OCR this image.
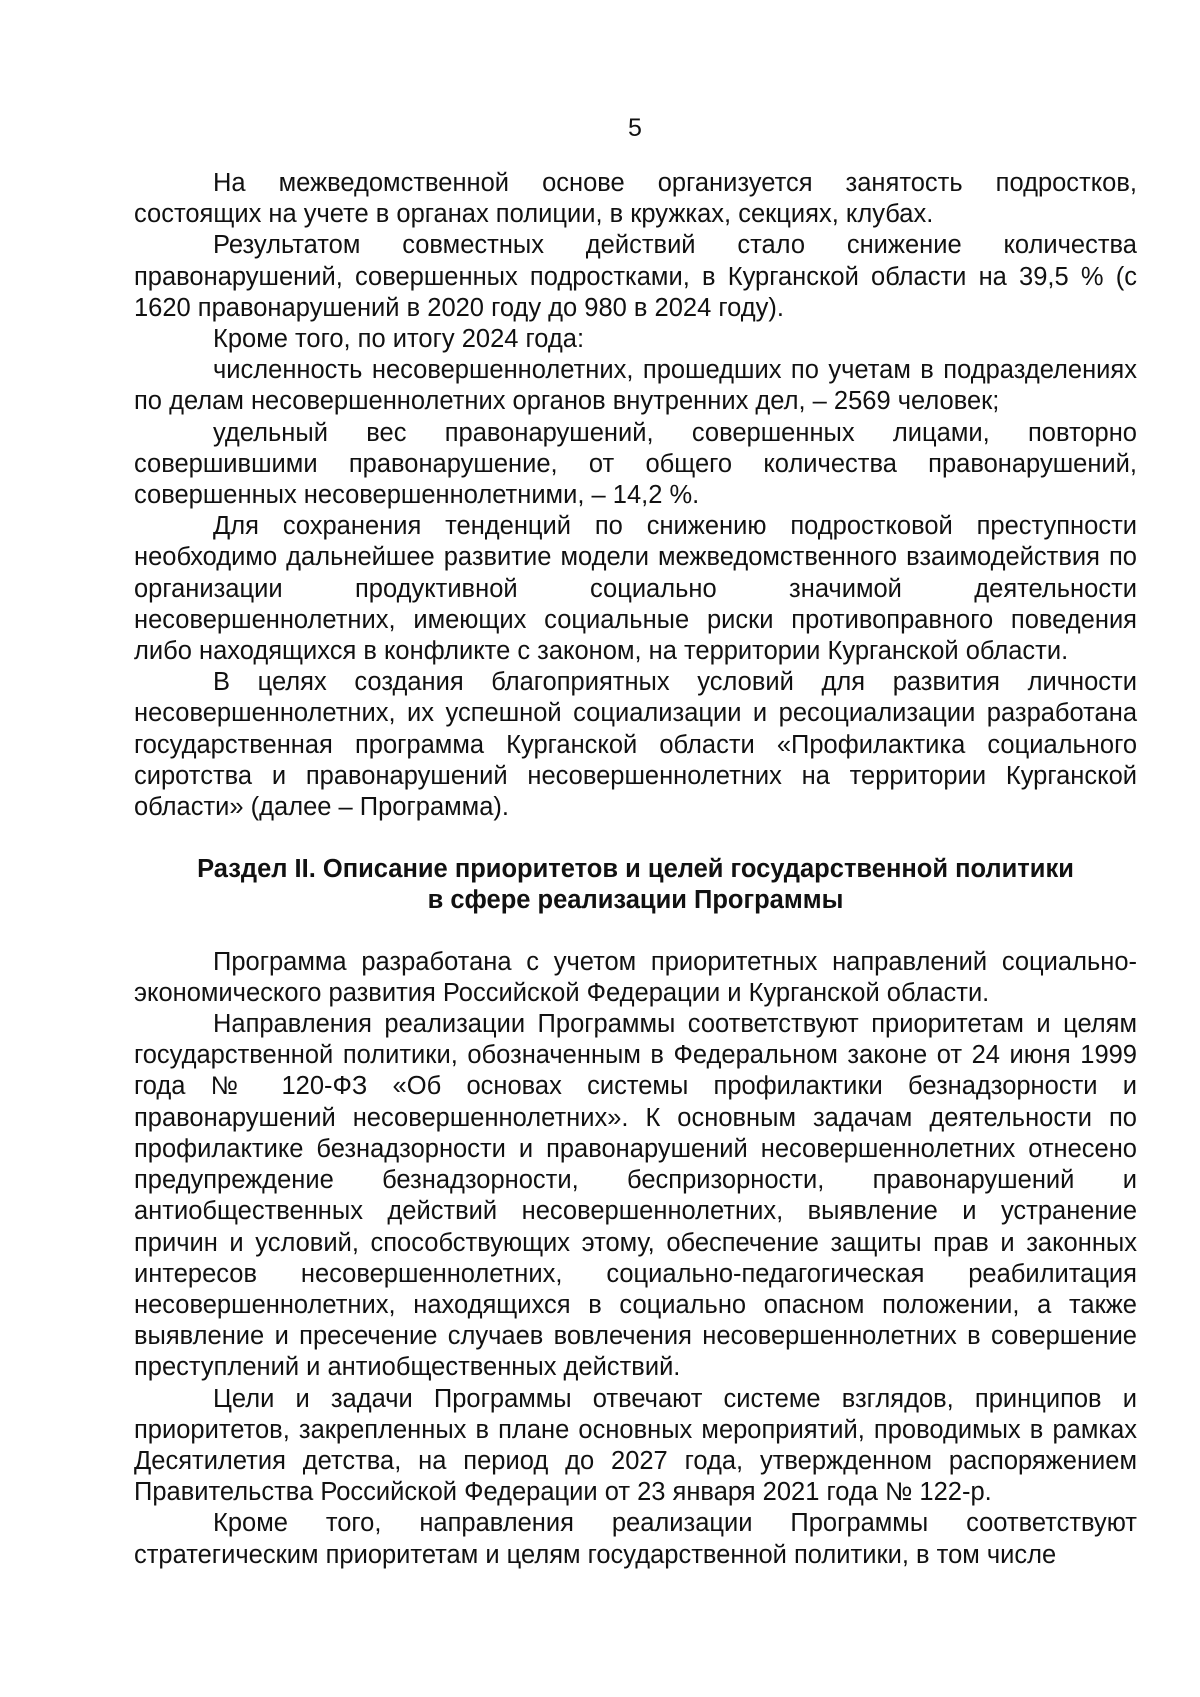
5

На межведомственной основе организуется занятость подростков, состоящих на учете в органах полиции, в кружках, секциях, клубах.

Результатом совместных действий стало снижение количества правонарушений, совершенных подростками, в Курганской области на 39,5 % (с 1620 правонарушений в 2020 году до 980 в 2024 году).

Кроме того, по итогу 2024 года:

численность несовершеннолетних, прошедших по учетам в подразделениях по делам несовершеннолетних органов внутренних дел, – 2569 человек;

удельный вес правонарушений, совершенных лицами, повторно совершившими правонарушение, от общего количества правонарушений, совершенных несовершеннолетними, – 14,2 %.

Для сохранения тенденций по снижению подростковой преступности необходимо дальнейшее развитие модели межведомственного взаимодействия по организации продуктивной социально значимой деятельности несовершеннолетних, имеющих социальные риски противоправного поведения либо находящихся в конфликте с законом, на территории Курганской области.

В целях создания благоприятных условий для развития личности несовершеннолетних, их успешной социализации и ресоциализации разработана государственная программа Курганской области «Профилактика социального сиротства и правонарушений несовершеннолетних на территории Курганской области» (далее – Программа).

Раздел II. Описание приоритетов и целей государственной политики
в сфере реализации Программы

Программа разработана с учетом приоритетных направлений социально-экономического развития Российской Федерации и Курганской области.

Направления реализации Программы соответствуют приоритетам и целям государственной политики, обозначенным в Федеральном законе от 24 июня 1999 года № 120-ФЗ «Об основах системы профилактики безнадзорности и правонарушений несовершеннолетних». К основным задачам деятельности по профилактике безнадзорности и правонарушений несовершеннолетних отнесено предупреждение безнадзорности, беспризорности, правонарушений и антиобщественных действий несовершеннолетних, выявление и устранение причин и условий, способствующих этому, обеспечение защиты прав и законных интересов несовершеннолетних, социально-педагогическая реабилитация несовершеннолетних, находящихся в социально опасном положении, а также выявление и пресечение случаев вовлечения несовершеннолетних в совершение преступлений и антиобщественных действий.

Цели и задачи Программы отвечают системе взглядов, принципов и приоритетов, закрепленных в плане основных мероприятий, проводимых в рамках Десятилетия детства, на период до 2027 года, утвержденном распоряжением Правительства Российской Федерации от 23 января 2021 года № 122-р.

Кроме того, направления реализации Программы соответствуют стратегическим приоритетам и целям государственной политики, в том числе
